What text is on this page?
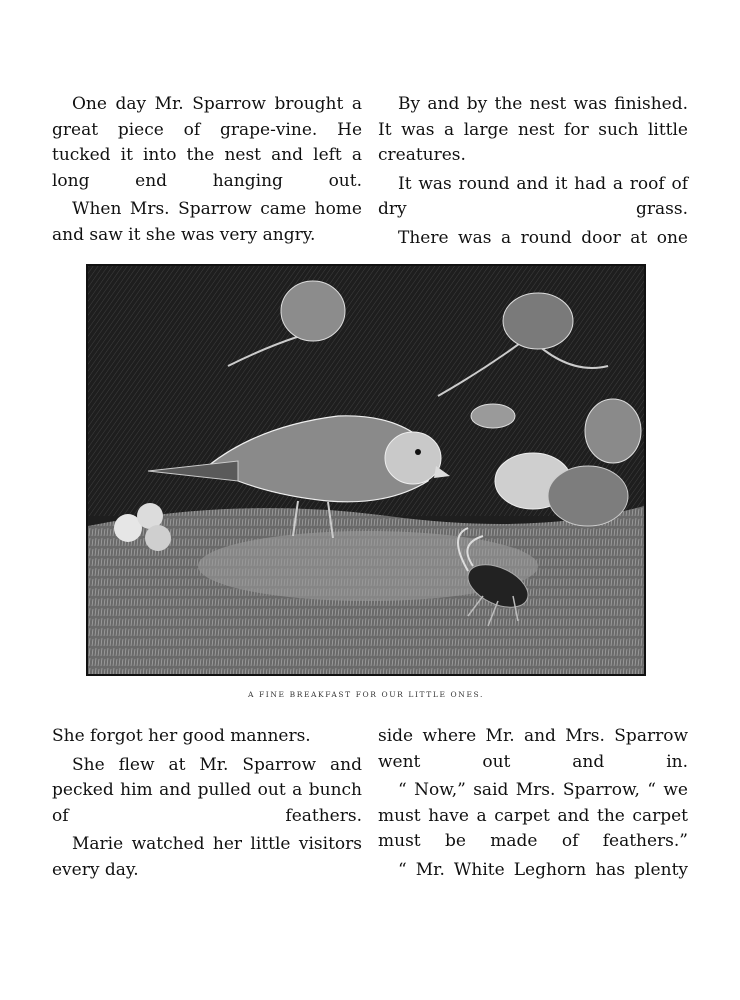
One day Mr. Sparrow brought a great piece of grape-vine. He tucked it into the nest and left a long end hanging out.

When Mrs. Sparrow came home and saw it she was very angry.

By and by the nest was finished. It was a large nest for such little creatures.

It was round and it had a roof of dry grass.

There was a round door at one

A FINE BREAKFAST FOR OUR LITTLE ONES.

She forgot her good manners.

She flew at Mr. Sparrow and pecked him and pulled out a bunch of feathers.

Marie watched her little visitors every day.

side where Mr. and Mrs. Sparrow went out and in.

“ Now,” said Mrs. Sparrow, “ we must have a carpet and the carpet must be made of feathers.”

“ Mr. White Leghorn has plenty
